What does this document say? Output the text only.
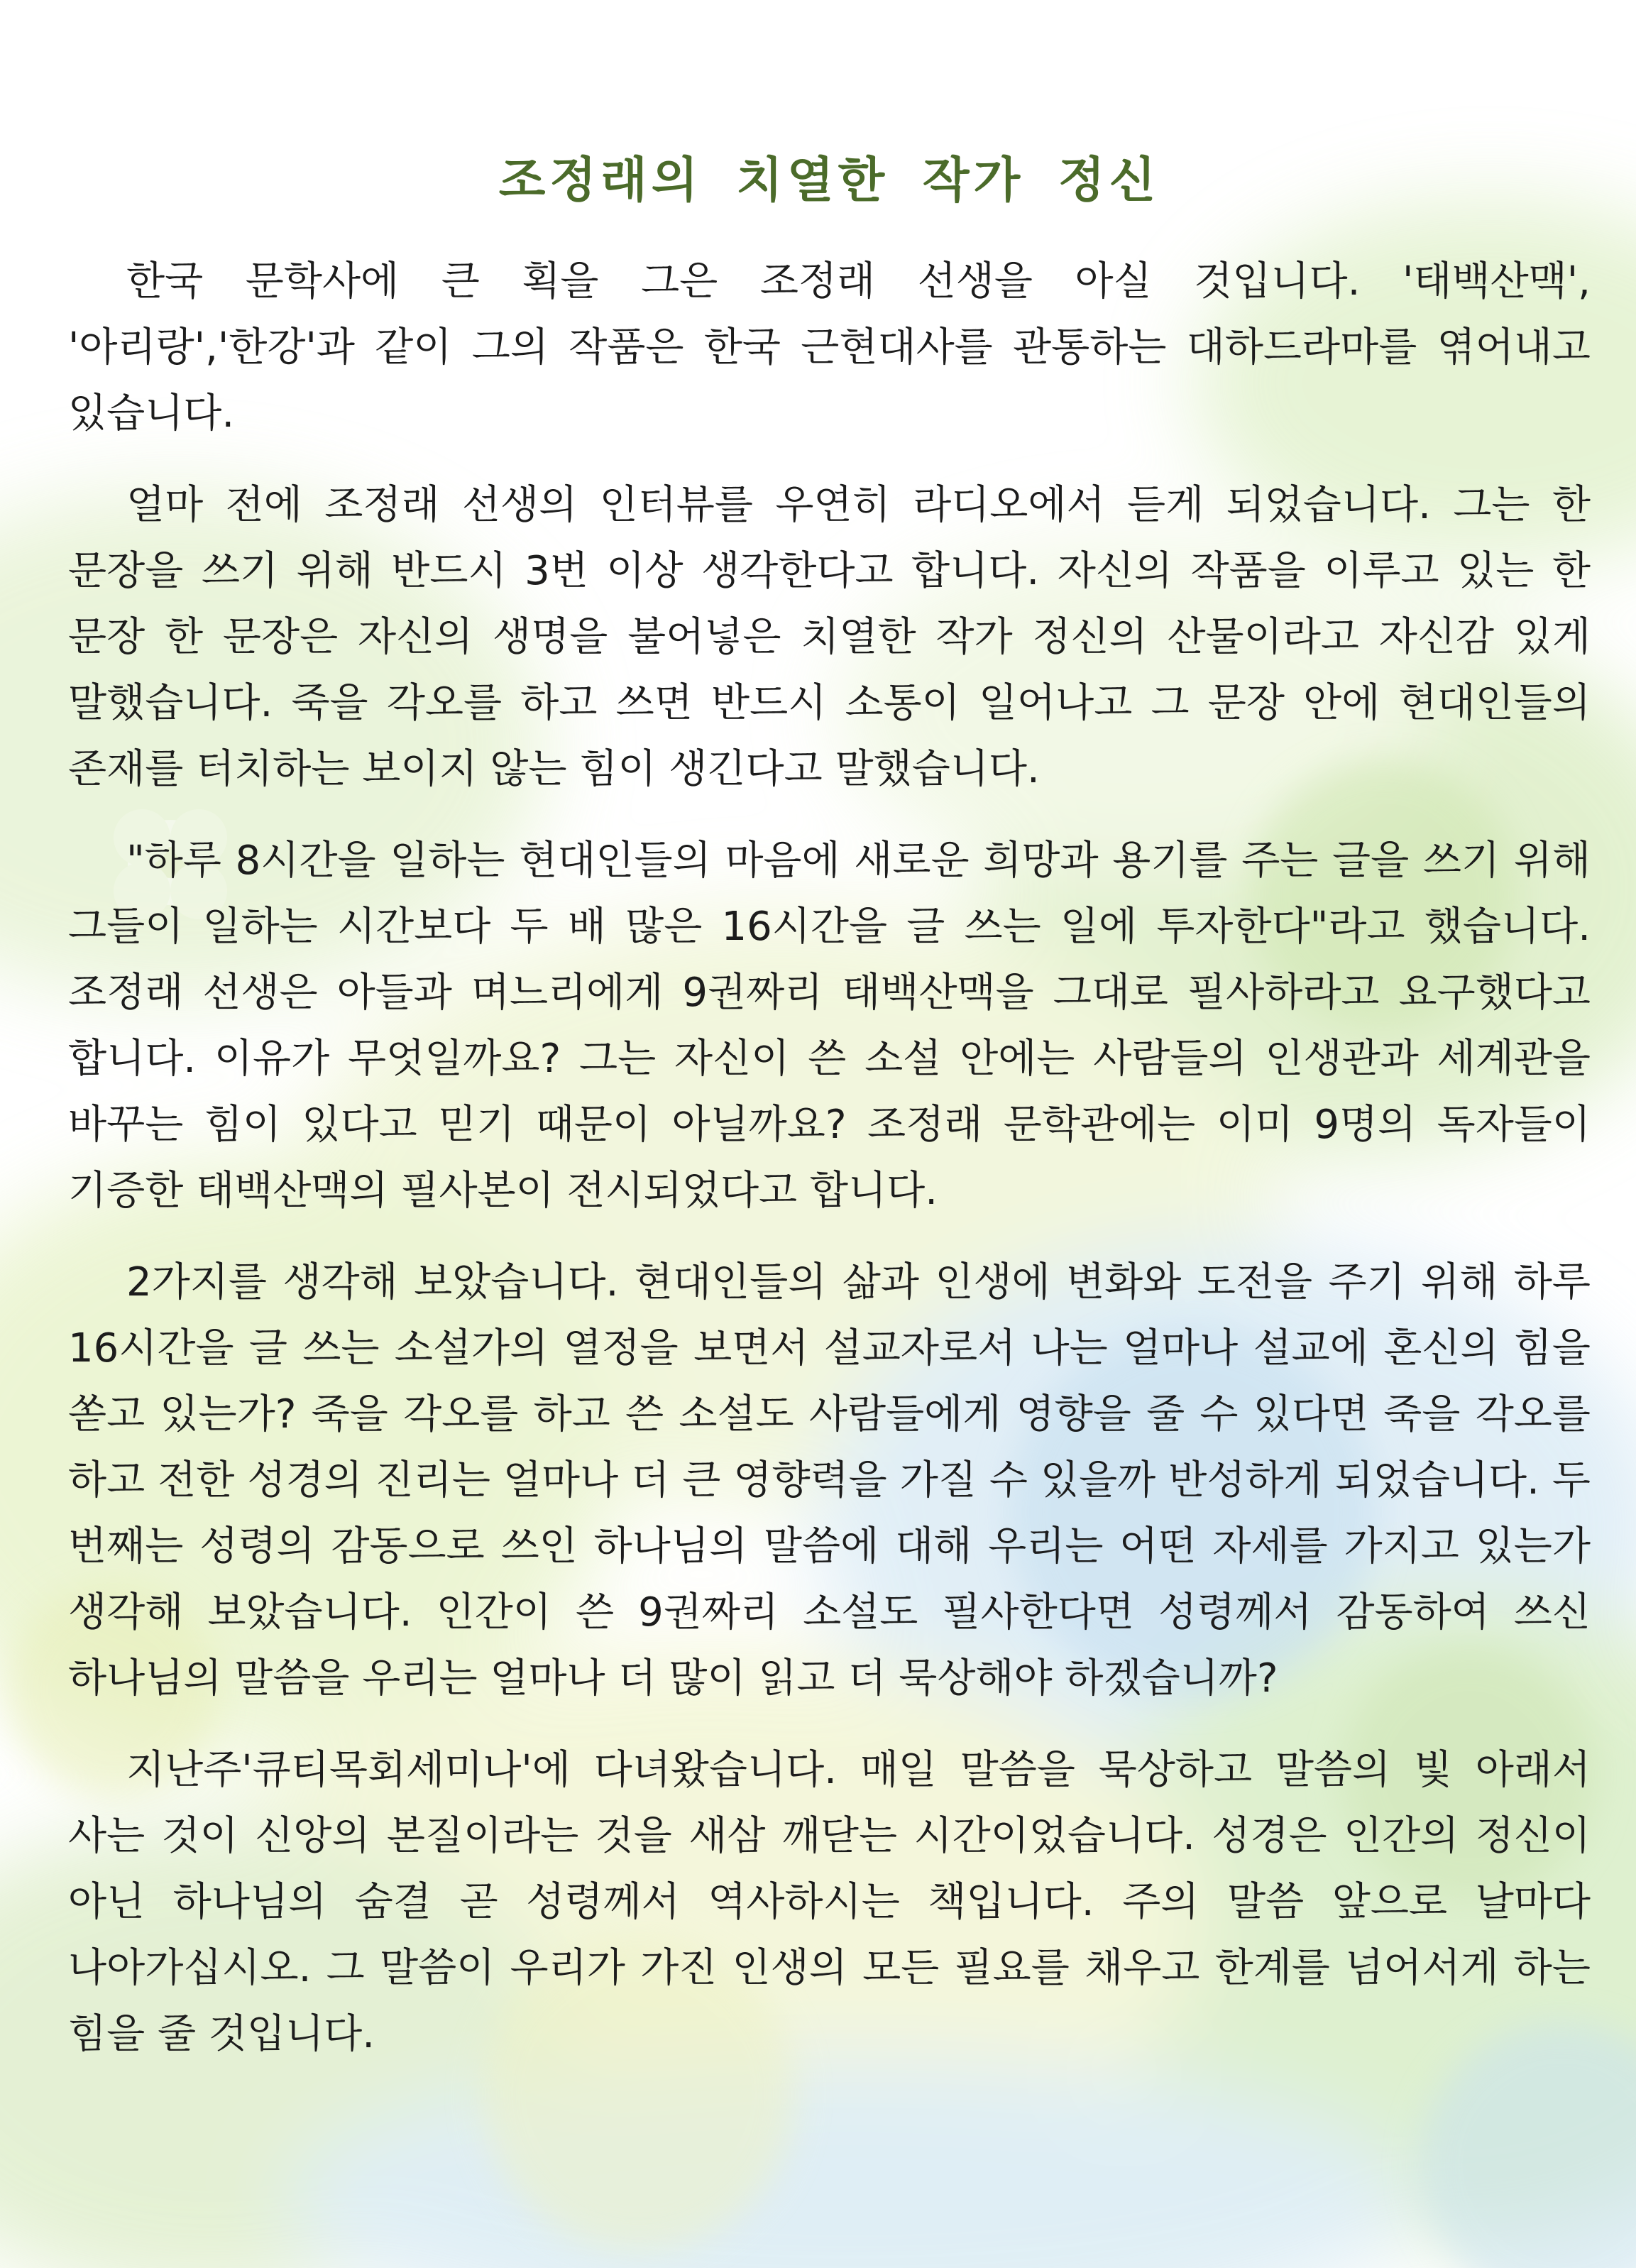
조정래의 치열한 작가 정신

한국 문학사에 큰 획을 그은 조정래 선생을 아실 것입니다. '태백산맥', '아리랑','한강'과 같이 그의 작품은 한국 근현대사를 관통하는 대하드라마를 엮어내고 있습니다.

얼마 전에 조정래 선생의 인터뷰를 우연히 라디오에서 듣게 되었습니다. 그는 한 문장을 쓰기 위해 반드시 3번 이상 생각한다고 합니다. 자신의 작품을 이루고 있는 한 문장 한 문장은 자신의 생명을 불어넣은 치열한 작가 정신의 산물이라고 자신감 있게 말했습니다. 죽을 각오를 하고 쓰면 반드시 소통이 일어나고 그 문장 안에 현대인들의 존재를 터치하는 보이지 않는 힘이 생긴다고 말했습니다.

"하루 8시간을 일하는 현대인들의 마음에 새로운 희망과 용기를 주는 글을 쓰기 위해 그들이 일하는 시간보다 두 배 많은 16시간을 글 쓰는 일에 투자한다"라고 했습니다. 조정래 선생은 아들과 며느리에게 9권짜리 태백산맥을 그대로 필사하라고 요구했다고 합니다. 이유가 무엇일까요? 그는 자신이 쓴 소설 안에는 사람들의 인생관과 세계관을 바꾸는 힘이 있다고 믿기 때문이 아닐까요? 조정래 문학관에는 이미 9명의 독자들이 기증한 태백산맥의 필사본이 전시되었다고 합니다.

2가지를 생각해 보았습니다. 현대인들의 삶과 인생에 변화와 도전을 주기 위해 하루 16시간을 글 쓰는 소설가의 열정을 보면서 설교자로서 나는 얼마나 설교에 혼신의 힘을 쏟고 있는가? 죽을 각오를 하고 쓴 소설도 사람들에게 영향을 줄 수 있다면 죽을 각오를 하고 전한 성경의 진리는 얼마나 더 큰 영향력을 가질 수 있을까 반성하게 되었습니다. 두 번째는 성령의 감동으로 쓰인 하나님의 말씀에 대해 우리는 어떤 자세를 가지고 있는가 생각해 보았습니다. 인간이 쓴 9권짜리 소설도 필사한다면 성령께서 감동하여 쓰신 하나님의 말씀을 우리는 얼마나 더 많이 읽고 더 묵상해야 하겠습니까?

지난주'큐티목회세미나'에 다녀왔습니다. 매일 말씀을 묵상하고 말씀의 빛 아래서 사는 것이 신앙의 본질이라는 것을 새삼 깨닫는 시간이었습니다. 성경은 인간의 정신이 아닌 하나님의 숨결 곧 성령께서 역사하시는 책입니다. 주의 말씀 앞으로 날마다 나아가십시오. 그 말씀이 우리가 가진 인생의 모든 필요를 채우고 한계를 넘어서게 하는 힘을 줄 것입니다.
